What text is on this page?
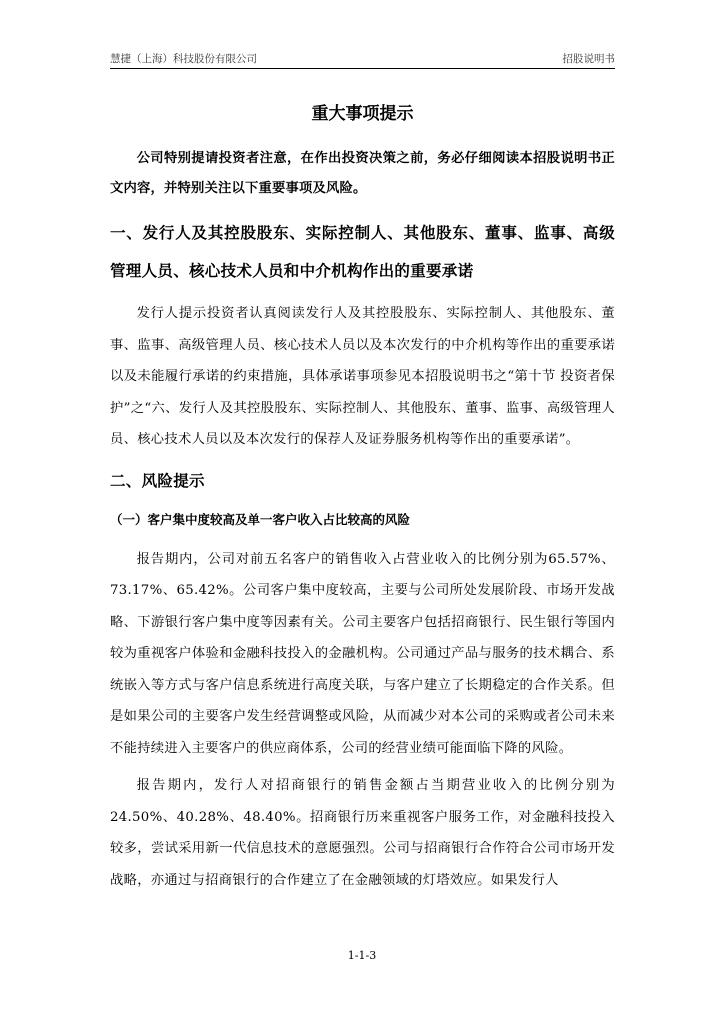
慧捷（上海）科技股份有限公司	招股说明书
重大事项提示

公司特别提请投资者注意，在作出投资决策之前，务必仔细阅读本招股说明书正文内容，并特别关注以下重要事项及风险。

一、发行人及其控股股东、实际控制人、其他股东、董事、监事、高级管理人员、核心技术人员和中介机构作出的重要承诺

发行人提示投资者认真阅读发行人及其控股股东、实际控制人、其他股东、董事、监事、高级管理人员、核心技术人员以及本次发行的中介机构等作出的重要承诺以及未能履行承诺的约束措施，具体承诺事项参见本招股说明书之“第十节 投资者保护”之“六、发行人及其控股股东、实际控制人、其他股东、董事、监事、高级管理人员、核心技术人员以及本次发行的保荐人及证券服务机构等作出的重要承诺”。

二、风险提示
（一）客户集中度较高及单一客户收入占比较高的风险

报告期内，公司对前五名客户的销售收入占营业收入的比例分别为65.57%、73.17%、65.42%。公司客户集中度较高，主要与公司所处发展阶段、市场开发战略、下游银行客户集中度等因素有关。公司主要客户包括招商银行、民生银行等国内较为重视客户体验和金融科技投入的金融机构。公司通过产品与服务的技术耦合、系统嵌入等方式与客户信息系统进行高度关联，与客户建立了长期稳定的合作关系。但是如果公司的主要客户发生经营调整或风险，从而减少对本公司的采购或者公司未来不能持续进入主要客户的供应商体系，公司的经营业绩可能面临下降的风险。

报告期内，发行人对招商银行的销售金额占当期营业收入的比例分别为24.50%、40.28%、48.40%。招商银行历来重视客户服务工作，对金融科技投入较多，尝试采用新一代信息技术的意愿强烈。公司与招商银行合作符合公司市场开发战略，亦通过与招商银行的合作建立了在金融领域的灯塔效应。如果发行人

1-1-3
